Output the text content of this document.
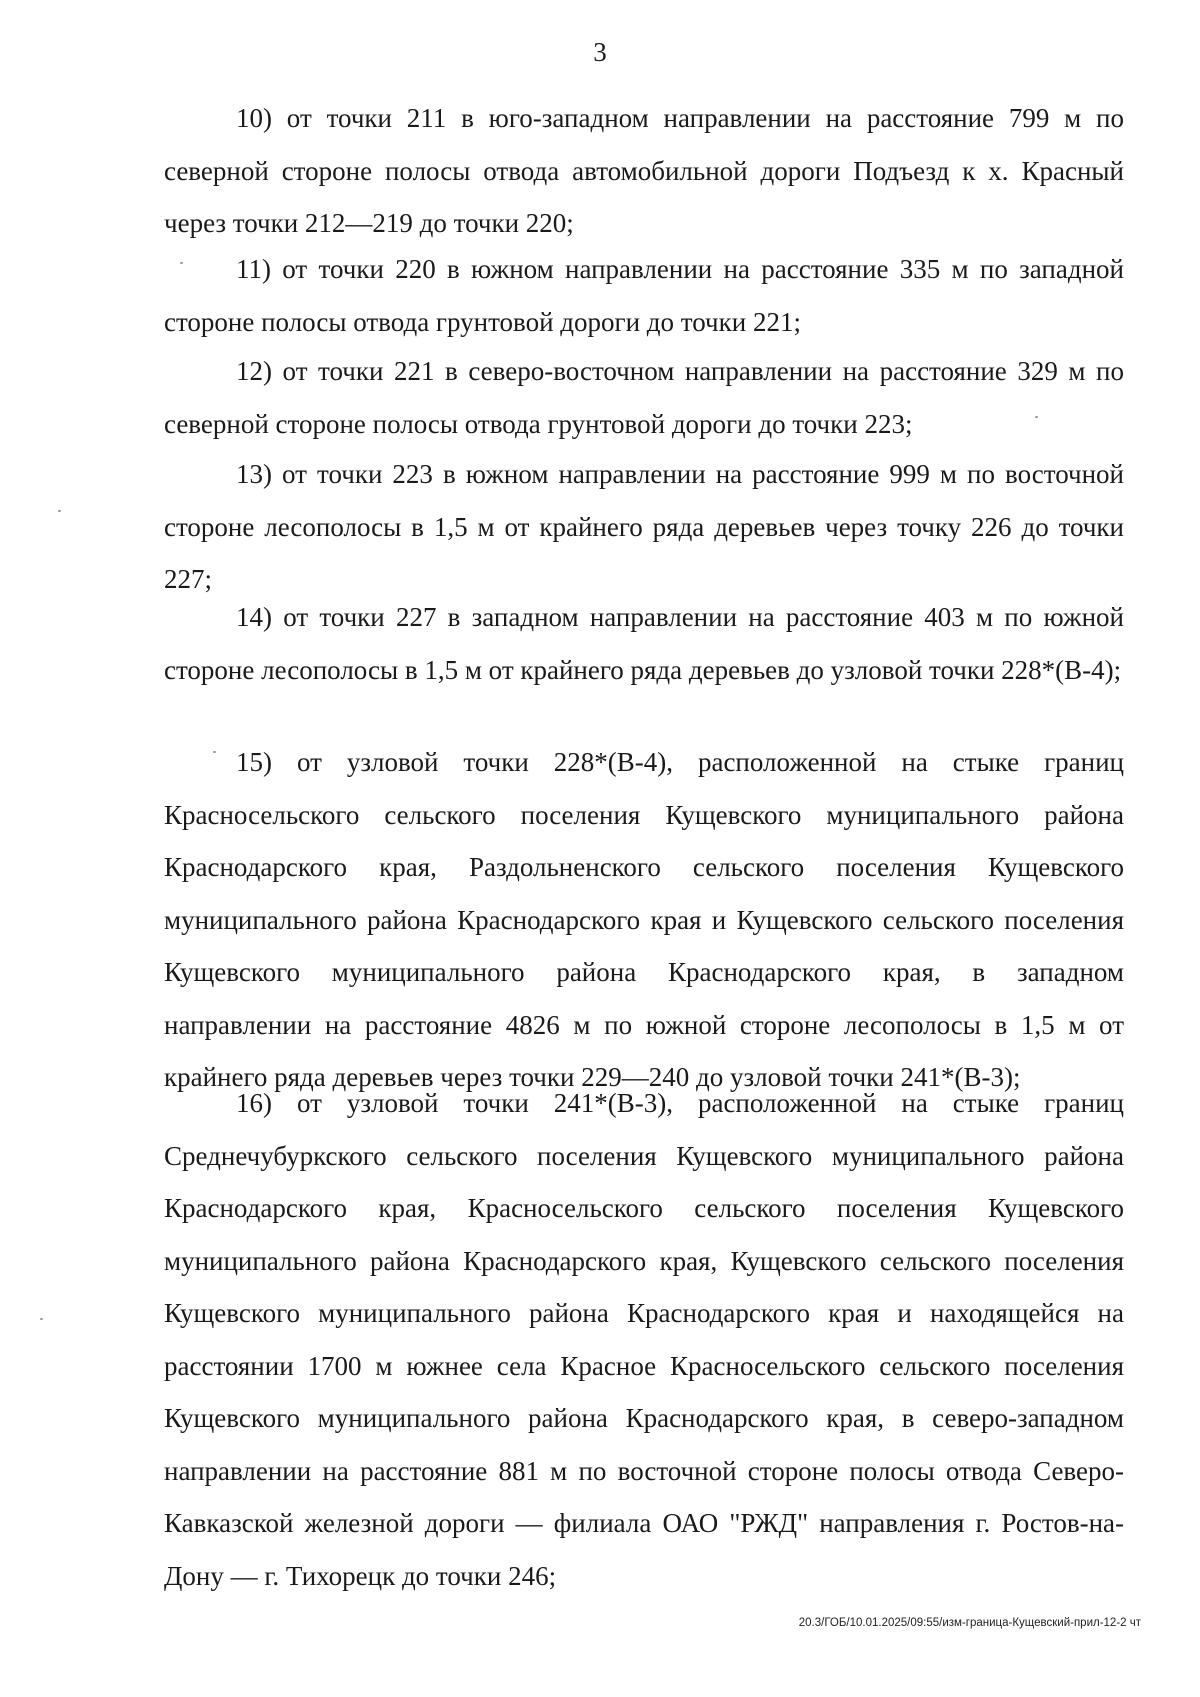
3

10) от точки 211 в юго-западном направлении на расстояние 799 м по северной стороне полосы отвода автомобильной дороги Подъезд к х. Красный через точки 212—219 до точки 220;

11) от точки 220 в южном направлении на расстояние 335 м по западной стороне полосы отвода грунтовой дороги до точки 221;

12) от точки 221 в северо-восточном направлении на расстояние 329 м по северной стороне полосы отвода грунтовой дороги до точки 223;

13) от точки 223 в южном направлении на расстояние 999 м по восточной стороне лесополосы в 1,5 м от крайнего ряда деревьев через точку 226 до точки 227;

14) от точки 227 в западном направлении на расстояние 403 м по южной стороне лесополосы в 1,5 м от крайнего ряда деревьев до узловой точки 228*(В-4);

15) от узловой точки 228*(В-4), расположенной на стыке границ Красносельского сельского поселения Кущевского муниципального района Краснодарского края, Раздольненского сельского поселения Кущевского муниципального района Краснодарского края и Кущевского сельского поселения Кущевского муниципального района Краснодарского края, в западном направлении на расстояние 4826 м по южной стороне лесополосы в 1,5 м от крайнего ряда деревьев через точки 229—240 до узловой точки 241*(В-3);

16) от узловой точки 241*(В-3), расположенной на стыке границ Среднечубуркского сельского поселения Кущевского муниципального района Краснодарского края, Красносельского сельского поселения Кущевского муниципального района Краснодарского края, Кущевского сельского поселения Кущевского муниципального района Краснодарского края и находящейся на расстоянии 1700 м южнее села Красное Красносельского сельского поселения Кущевского муниципального района Краснодарского края, в северо-западном направлении на расстояние 881 м по восточной стороне полосы отвода Северо-Кавказской железной дороги — филиала ОАО "РЖД" направления г. Ростов-на-Дону — г. Тихорецк до точки 246;

20.3/ГОБ/10.01.2025/09:55/изм-граница-Кущевский-прил-12-2 чт
